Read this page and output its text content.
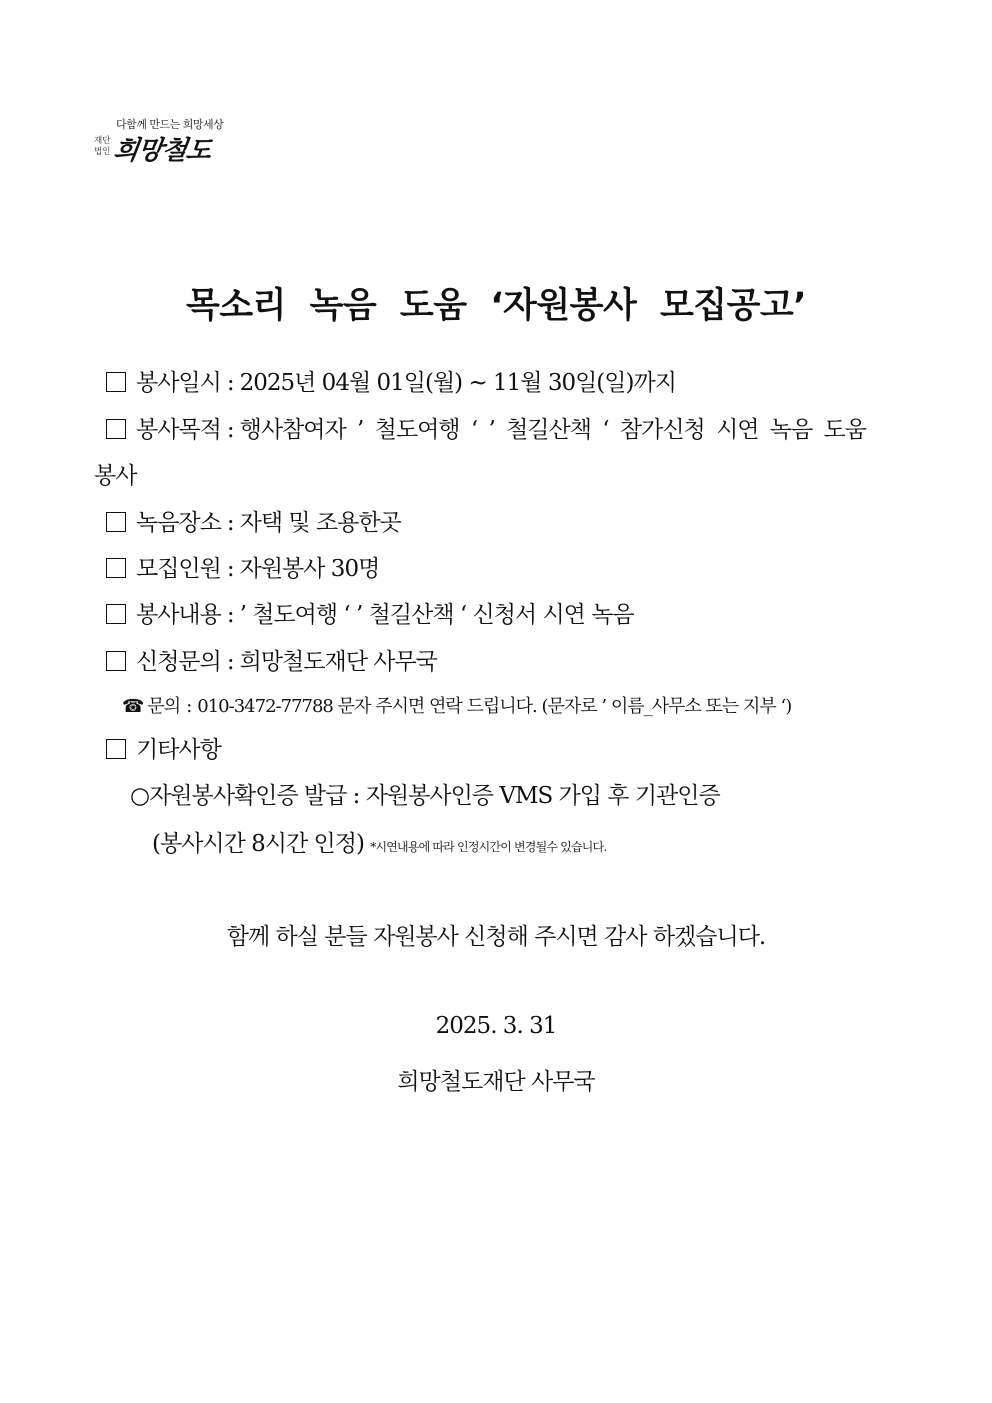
다함께 만드는 희망세상
재단 법인 희망철도
목소리 녹음 도움 ‘자원봉사 모집공고’
봉사일시 : 2025년 04월 01일(월) ~ 11월 30일(일)까지
봉사목적 : 행사참여자 ’ 철도여행 ‘ ’ 철길산책 ‘ 참가신청 시연 녹음 도움
봉사
녹음장소 : 자택 및 조용한곳
모집인원 : 자원봉사 30명
봉사내용 : ’ 철도여행 ‘ ’ 철길산책 ‘ 신청서 시연 녹음
신청문의 : 희망철도재단 사무국
☎ 문의 : 010-3472-77788 문자 주시면 연락 드립니다. (문자로 ’ 이름_사무소 또는 지부 ‘)
기타사항
○자원봉사확인증 발급 : 자원봉사인증 VMS 가입 후 기관인증
(봉사시간 8시간 인정) *시연내용에 따라 인정시간이 변경될수 있습니다.
함께 하실 분들 자원봉사 신청해 주시면 감사 하겠습니다.
2025. 3. 31
희망철도재단 사무국
